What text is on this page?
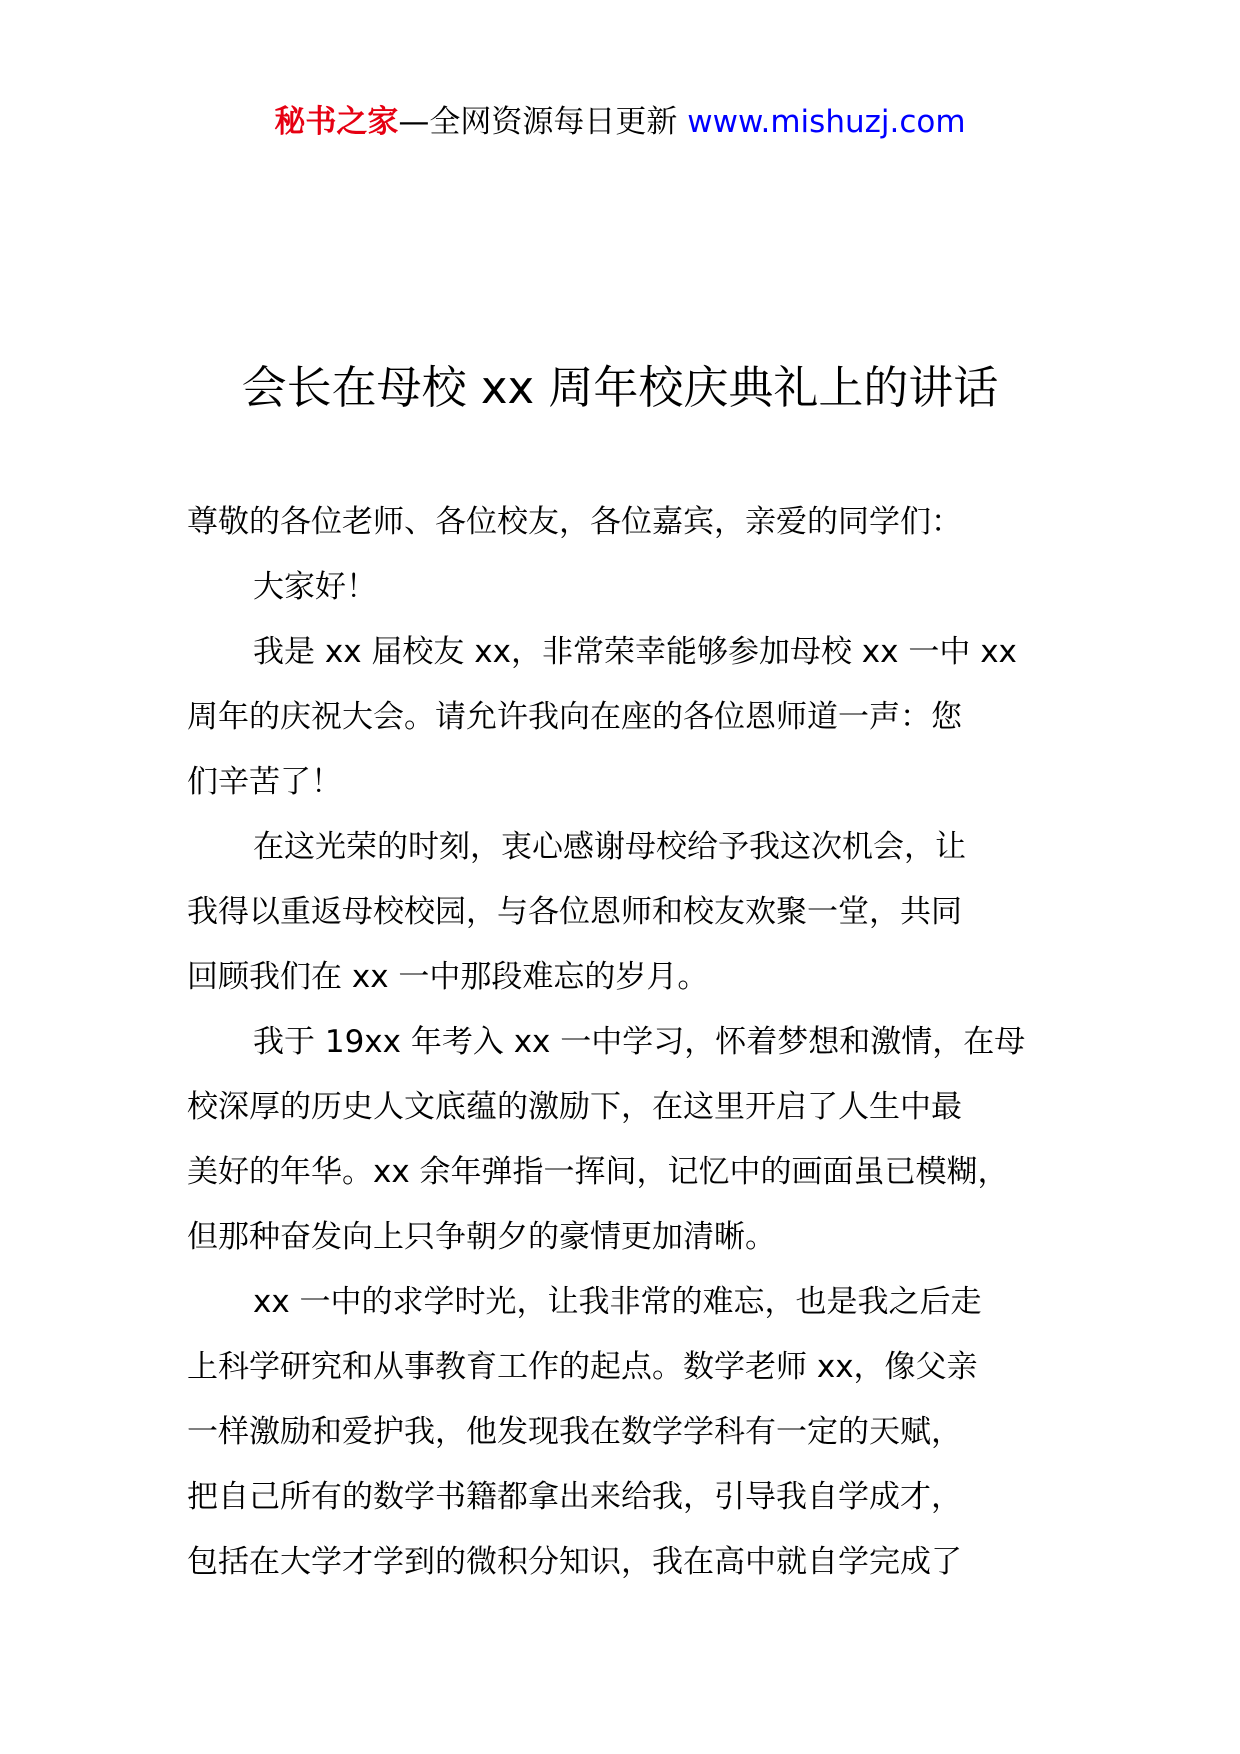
秘书之家—全网资源每日更新 www.mishuzj.com
会长在母校 xx 周年校庆典礼上的讲话
尊敬的各位老师、各位校友，各位嘉宾，亲爱的同学们：
大家好！
我是 xx 届校友 xx，非常荣幸能够参加母校 xx 一中 xx
周年的庆祝大会。请允许我向在座的各位恩师道一声：您
们辛苦了！
在这光荣的时刻，衷心感谢母校给予我这次机会，让
我得以重返母校校园，与各位恩师和校友欢聚一堂，共同
回顾我们在 xx 一中那段难忘的岁月。
我于 19xx 年考入 xx 一中学习，怀着梦想和激情，在母
校深厚的历史人文底蕴的激励下，在这里开启了人生中最
美好的年华。xx 余年弹指一挥间，记忆中的画面虽已模糊，
但那种奋发向上只争朝夕的豪情更加清晰。
xx 一中的求学时光，让我非常的难忘，也是我之后走
上科学研究和从事教育工作的起点。数学老师 xx，像父亲
一样激励和爱护我，他发现我在数学学科有一定的天赋，
把自己所有的数学书籍都拿出来给我，引导我自学成才，
包括在大学才学到的微积分知识，我在高中就自学完成了
